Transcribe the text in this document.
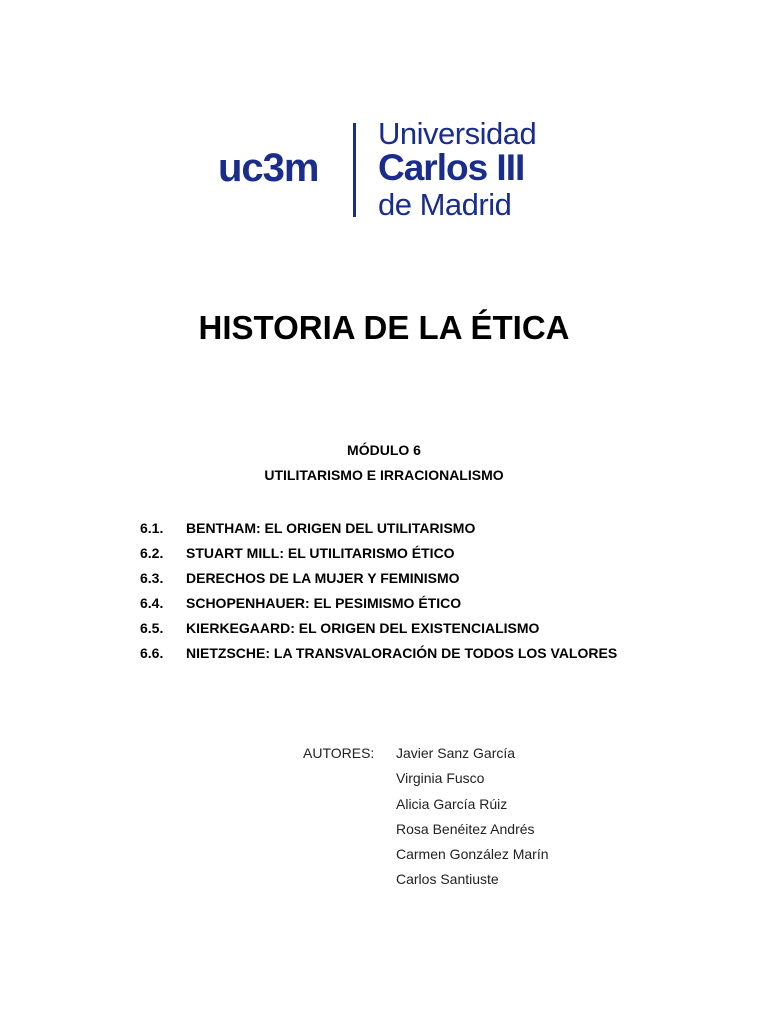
uc3m
Universidad
Carlos III
de Madrid
HISTORIA DE LA ÉTICA
MÓDULO 6
UTILITARISMO E IRRACIONALISMO
6.1.	BENTHAM: EL ORIGEN DEL UTILITARISMO
6.2.	STUART MILL: EL UTILITARISMO ÉTICO
6.3.	DERECHOS DE LA MUJER Y FEMINISMO
6.4.	SCHOPENHAUER: EL PESIMISMO ÉTICO
6.5.	KIERKEGAARD: EL ORIGEN DEL EXISTENCIALISMO
6.6.	NIETZSCHE: LA TRANSVALORACIÓN DE TODOS LOS VALORES
AUTORES: Javier Sanz García
Virginia Fusco
Alicia García Rúiz
Rosa Benéitez Andrés
Carmen González Marín
Carlos Santiuste
